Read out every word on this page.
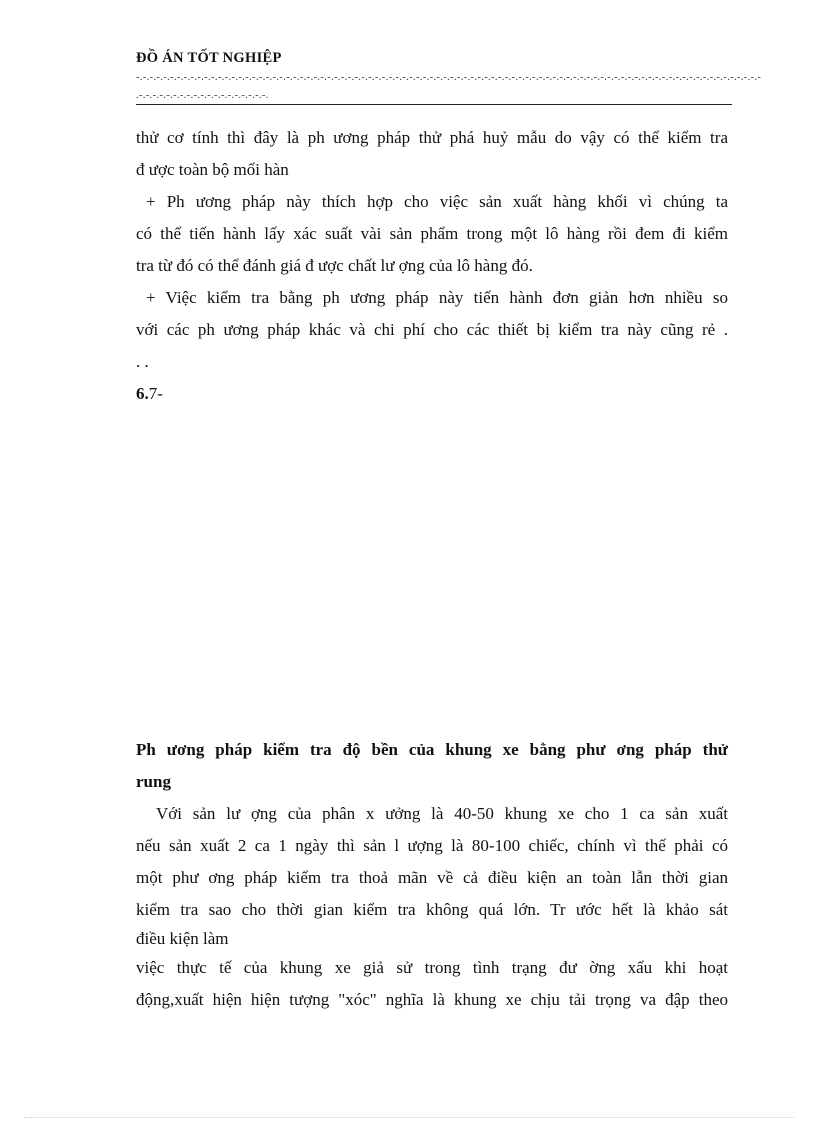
ĐỒ ÁN TỐT NGHIỆP
-.-.-.-.-.-.-.-.-.-.-.-.-.-.-.-.-.-.-.-.-.-.-.-.-.-.-.-.-.-.-.-.-.-.-.-.-.-.-.-.-.-.-.-.-.-.-.-.-.-.-.-.-.-.-.-.-.-.-.-.-.-.-.-.-.-.-.-.-.-.-.-.-.-.-.-.-.-.-.-.-.-.-.-.-.-.-.-.-.-.-.-
.-.-.-.-.-.-.-.-.-.-.-.-.-.-.-.-.-.-.-.
thử cơ tính thì đây là ph ương pháp thử phá huỷ mẫu do vậy có thể kiểm tra
đ ược toàn bộ mối hàn
+ Ph ương pháp này thích hợp cho việc sản xuất hàng khối vì chúng ta
có thể tiến hành lấy xác suất vài sản phẩm trong một lô hàng rồi đem đi kiểm
tra từ đó có thể đánh giá đ ược chất lư ợng của lô hàng đó.
+ Việc kiểm tra bằng ph ương pháp này tiến hành đơn giản hơn nhiều so
với các ph ương pháp khác và chi phí cho các thiết bị kiểm tra này cũng rẻ .
. .
6.7-
Ph ương pháp kiểm tra độ bền của khung xe bằng phư ơng pháp thử
rung
Với sản lư ợng của phân x ưởng là 40-50 khung xe cho 1 ca sản xuất
nếu sản xuất 2 ca 1 ngày thì sản l ượng là 80-100 chiếc, chính vì thế phải có
một phư ơng pháp kiểm tra thoả mãn về cả điều kiện an toàn lẫn thời gian
kiểm tra sao cho thời gian kiểm tra không quá lớn. Tr ước hết là khảo sát
điều kiện làm
việc thực tế của khung xe giả sử trong tình trạng đư ờng xấu khi hoạt
động,xuất hiện hiện tượng "xóc" nghĩa là khung xe chịu tải trọng va đập theo
